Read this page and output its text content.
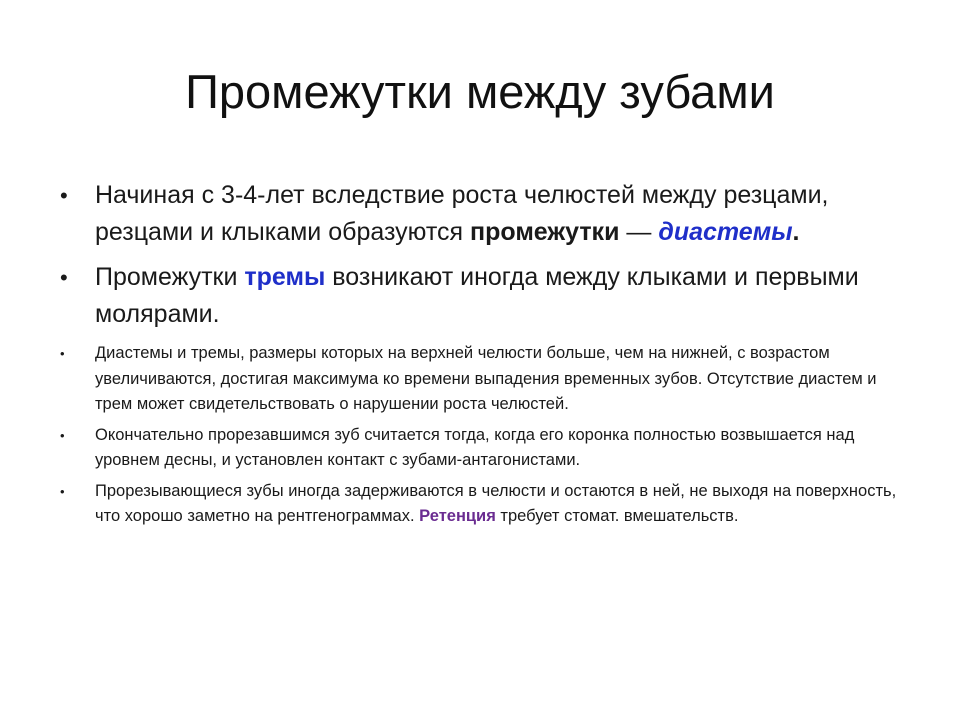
Промежутки между зубами
• Начиная с 3-4-лет вследствие роста челюстей между резцами, резцами и клыками образуются промежутки — диастемы.
• Промежутки тремы возникают иногда между клыками и первыми молярами.
• Диастемы и тремы, размеры которых на верхней челюсти больше, чем на нижней, с возрастом увеличиваются, достигая максимума ко времени выпадения временных зубов. Отсутствие диастем и трем может свидетельствовать о нарушении роста челюстей.
• Окончательно прорезавшимся зуб считается тогда, когда его коронка полностью возвышается над уровнем десны, и установлен контакт с зубами-антагонистами.
• Прорезывающиеся зубы иногда задерживаются в челюсти и остаются в ней, не выходя на поверхность, что хорошо заметно на рентгенограммах. Ретенция требует стомат. вмешательств.
